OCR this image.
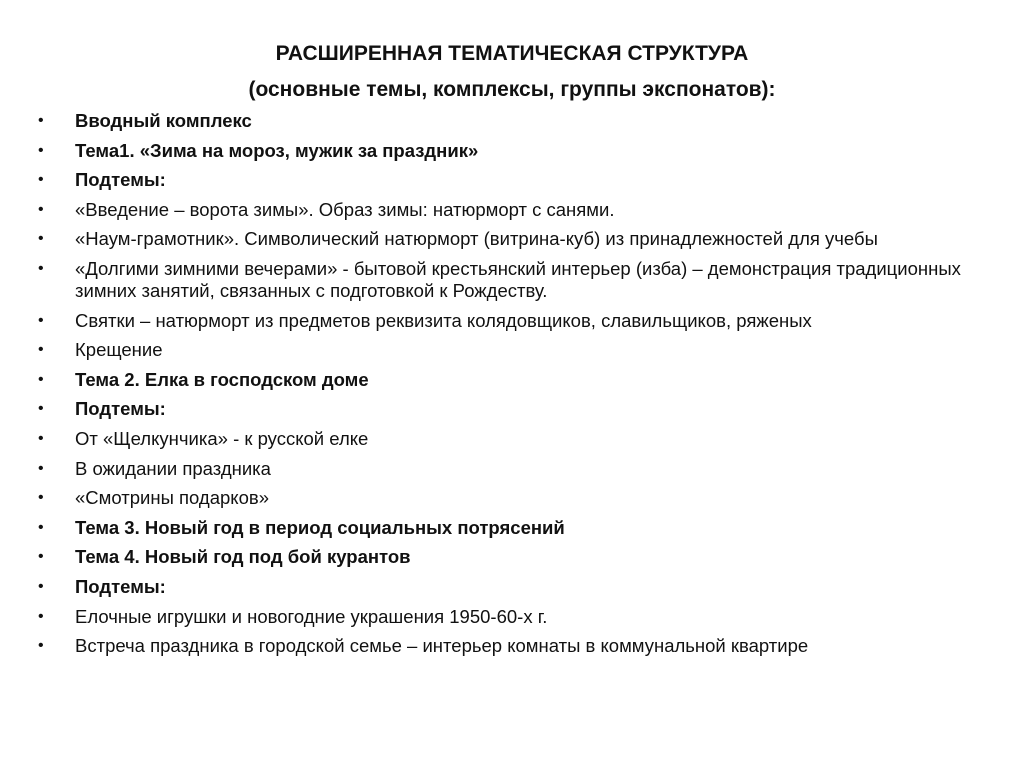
РАСШИРЕННАЯ ТЕМАТИЧЕСКАЯ СТРУКТУРА
(основные темы, комплексы, группы экспонатов):
•	Вводный комплекс
•	Тема1. «Зима на мороз, мужик за праздник»
•	Подтемы:
•	«Введение – ворота зимы». Образ зимы: натюрморт с санями.
•	«Наум-грамотник». Символический натюрморт (витрина-куб) из принадлежностей для учебы
•	«Долгими зимними вечерами» - бытовой крестьянский интерьер (изба) – демонстрация традиционных зимних занятий, связанных с подготовкой к Рождеству.
•	Святки – натюрморт из предметов реквизита колядовщиков, славильщиков, ряженых
•	Крещение
•	Тема 2. Елка в господском доме
•	Подтемы:
•	От «Щелкунчика» - к русской елке
•	В ожидании праздника
•	«Смотрины подарков»
•	Тема 3. Новый год в период социальных потрясений
•	Тема 4. Новый год под бой курантов
•	Подтемы:
•	Елочные игрушки и новогодние украшения 1950-60-х г.
•	Встреча праздника в городской семье – интерьер комнаты в коммунальной квартире
